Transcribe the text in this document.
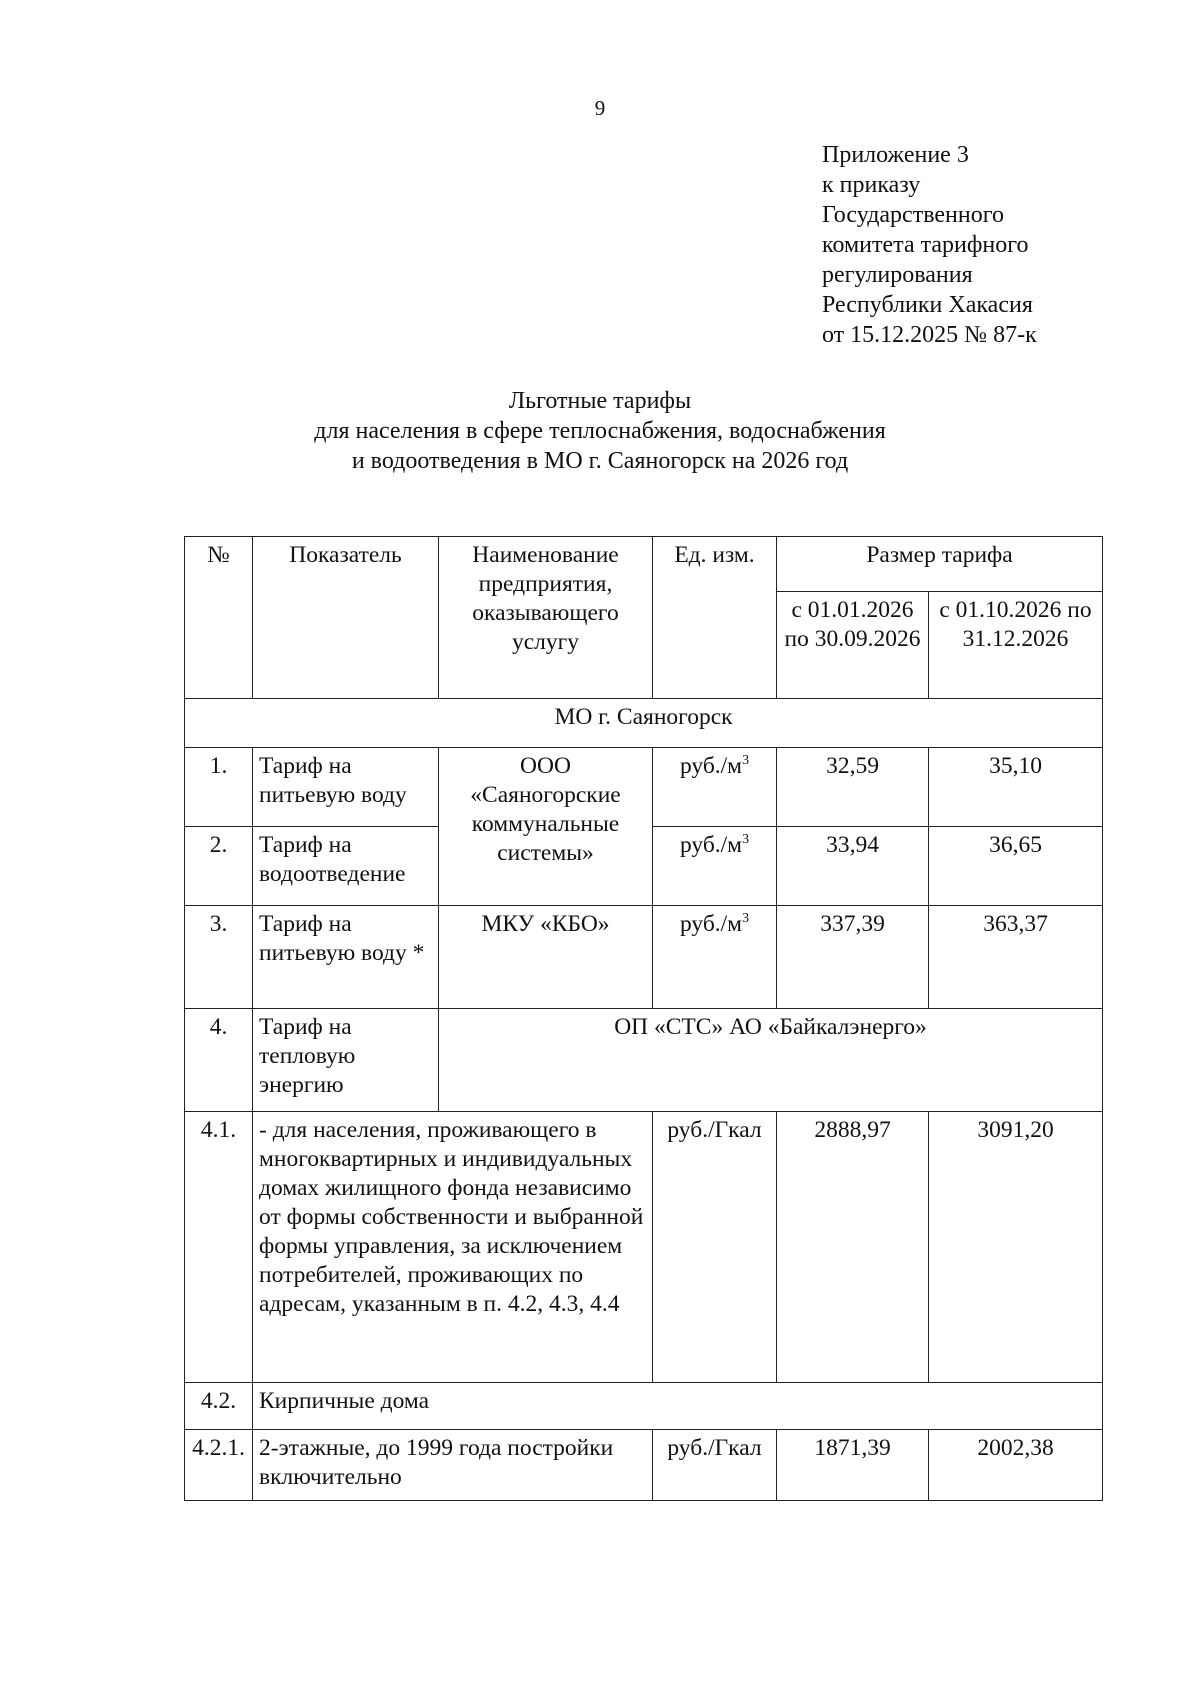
9
Приложение 3
к приказу
Государственного
комитета тарифного
регулирования
Республики Хакасия
от 15.12.2025 № 87-к
Льготные тарифы
для населения в сфере теплоснабжения, водоснабжения
и водоотведения в МО г. Саяногорск на 2026 год
№	Показатель	Наименование предприятия, оказывающего услугу	Ед. изм.	Размер тарифа	
				с 01.01.2026 по 30.09.2026	с 01.10.2026 по 31.12.2026
МО г. Саяногорск					
1.	Тариф на питьевую воду	ООО «Саяногорские коммунальные системы»	$руб./м^3$	32,59	35,10
2.	Тариф на водоотведение		$руб./м^3$	33,94	36,65
3.	Тариф на питьевую воду *	МКУ «КБО»	$руб./м^3$	337,39	363,37
4.	Тариф на тепловую энергию	ОП «СТС» АО «Байкалэнерго»			
4.1.	- для населения, проживающего в многоквартирных и индивидуальных домах жилищного фонда независимо от формы собственности и выбранной формы управления, за исключением потребителей, проживающих по адресам, указанным в п. 4.2, 4.3, 4.4		руб./Гкал	2888,97	3091,20
4.2.	Кирпичные дома				
4.2.1.	2-этажные, до 1999 года постройки включительно		руб./Гкал	1871,39	2002,38
